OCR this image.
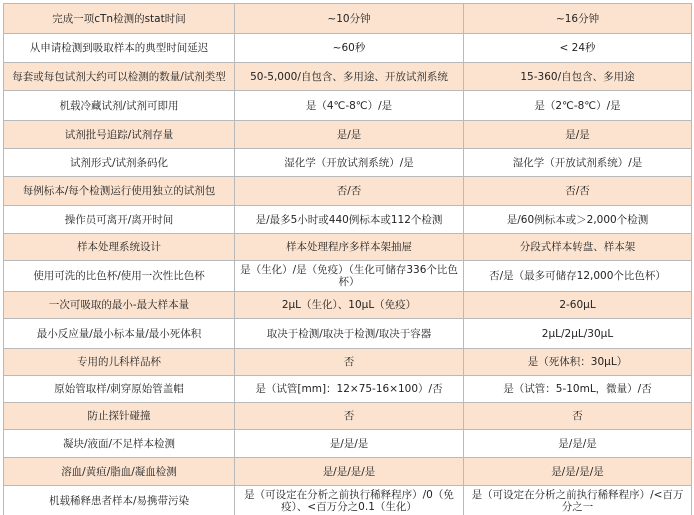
完成一项cTn检测的stat时间	~10分钟	~16分钟
从申请检测到吸取样本的典型时间延迟	~60秒	< 24秒
每套或每包试剂大约可以检测的数量/试剂类型	50-5,000/自包含、多用途、开放试剂系统	15-360/自包含、多用途
机载冷藏试剂/试剂可即用	是（4℃-8℃）/是	是（2℃-8℃）/是
试剂批号追踪/试剂存量	是/是	是/是
试剂形式/试剂条码化	湿化学（开放试剂系统）/是	湿化学（开放试剂系统）/是
每例标本/每个检测运行使用独立的试剂包	否/否	否/否
操作员可离开/离开时间	是/最多5小时或440例标本或112个检测	是/60例标本或＞2,000个检测
样本处理系统设计	样本处理程序多样本架抽屉	分段式样本转盘、样本架
使用可洗的比色杯/使用一次性比色杯	是（生化）/是（免疫）（生化可储存336个比色杯）	否/是（最多可储存12,000个比色杯）
一次可吸取的最小-最大样本量	2μL（生化）、10μL（免疫）	2-60μL
最小反应量/最小标本量/最小死体积	取决于检测/取决于检测/取决于容器	2μL/2μL/30μL
专用的儿科样品杯	否	是（死体积：30μL）
原始管取样/刺穿原始管盖帽	是（试管[mm]：12×75-16×100）/否	是（试管：5-10mL，微量）/否
防止探针碰撞	否	否
凝块/液面/不足样本检测	是/是/是	是/是/是
溶血/黄疸/脂血/凝血检测	是/是/是/是	是/是/是/是
机载稀释患者样本/易携带污染	是（可设定在分析之前执行稀释程序）/0（免疫）、<百万分之0.1（生化）	是（可设定在分析之前执行稀释程序）/<百万分之一
